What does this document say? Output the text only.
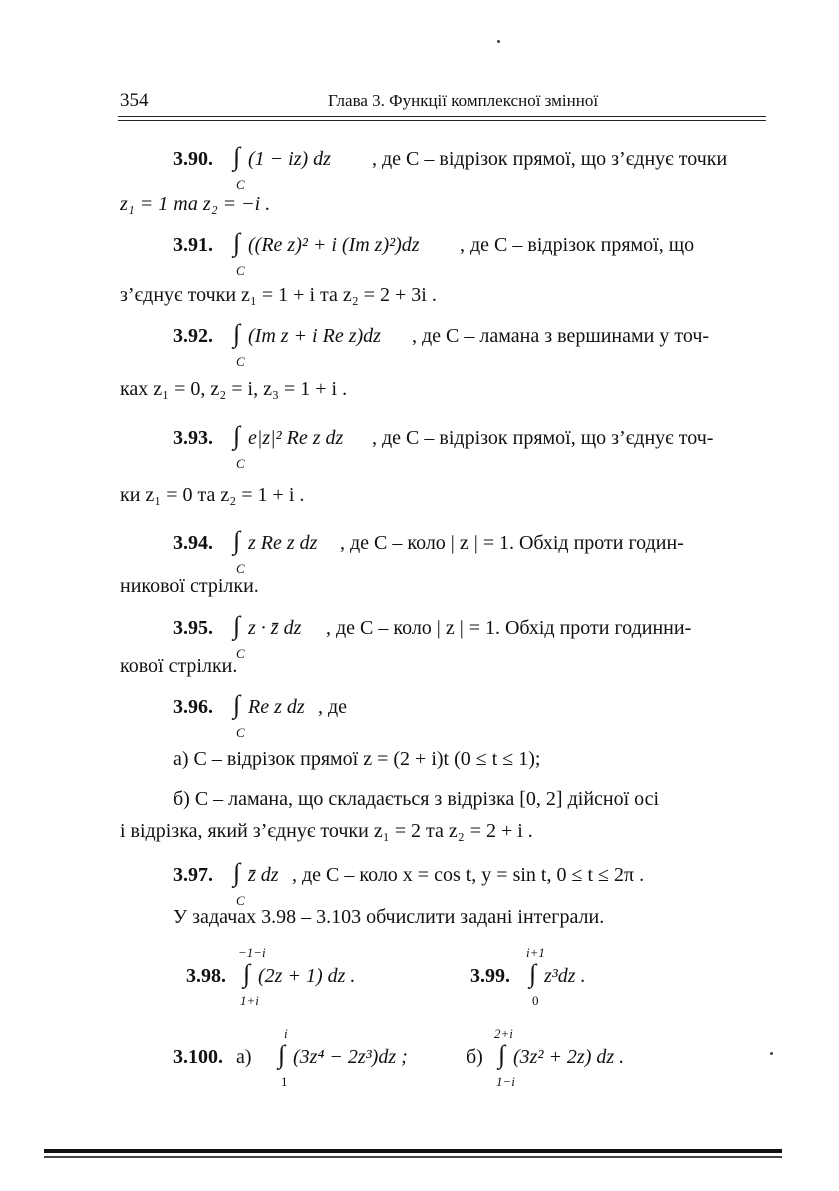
354	Глава 3. Функції комплексної змінної
3.90. ∫ (1 − iz) dz
C
, де C – відрізок прямої, що з’єднує точки
z₁ = 1 та z₂ = −i .
3.91. ∫ ((Re z)² + i (Im z)²)dz
C
, де C – відрізок прямої, що
з’єднує точки z₁ = 1 + i та z₂ = 2 + 3i .
3.92. ∫ (Im z + i Re z)dz
C
, де C – ламана з вершинами у точ-
ках z₁ = 0, z₂ = i, z₃ = 1 + i .
3.93. ∫ e|z|² Re z dz
C
, де C – відрізок прямої, що з’єднує точ-
ки z₁ = 0 та z₂ = 1 + i .
3.94. ∫ z Re z dz
C
, де C – коло | z | = 1. Обхід проти годин-
никової стрілки.
3.95. ∫ z · z̄ dz
C
, де C – коло | z | = 1. Обхід проти годинни-
кової стрілки.
3.96. ∫ Re z dz
C
, де
а) C – відрізок прямої z = (2 + i)t (0 ≤ t ≤ 1);
б) C – ламана, що складається з відрізка [0, 2] дійсної осі
і відрізка, який з’єднує точки z₁ = 2 та z₂ = 2 + i .
3.97. ∫ z̄ dz
C
, де C – коло x = cos t, y = sin t, 0 ≤ t ≤ 2π .
У задачах 3.98 – 3.103 обчислити задані інтеграли.
−1−i
3.98. ∫ (2z + 1) dz .
1+i
i+1
3.99. ∫ z³dz .
0
3.100. а)
i
∫ (3z⁴ − 2z³)dz ;
1
б)
2+i
∫ (3z² + 2z) dz .
1−i
